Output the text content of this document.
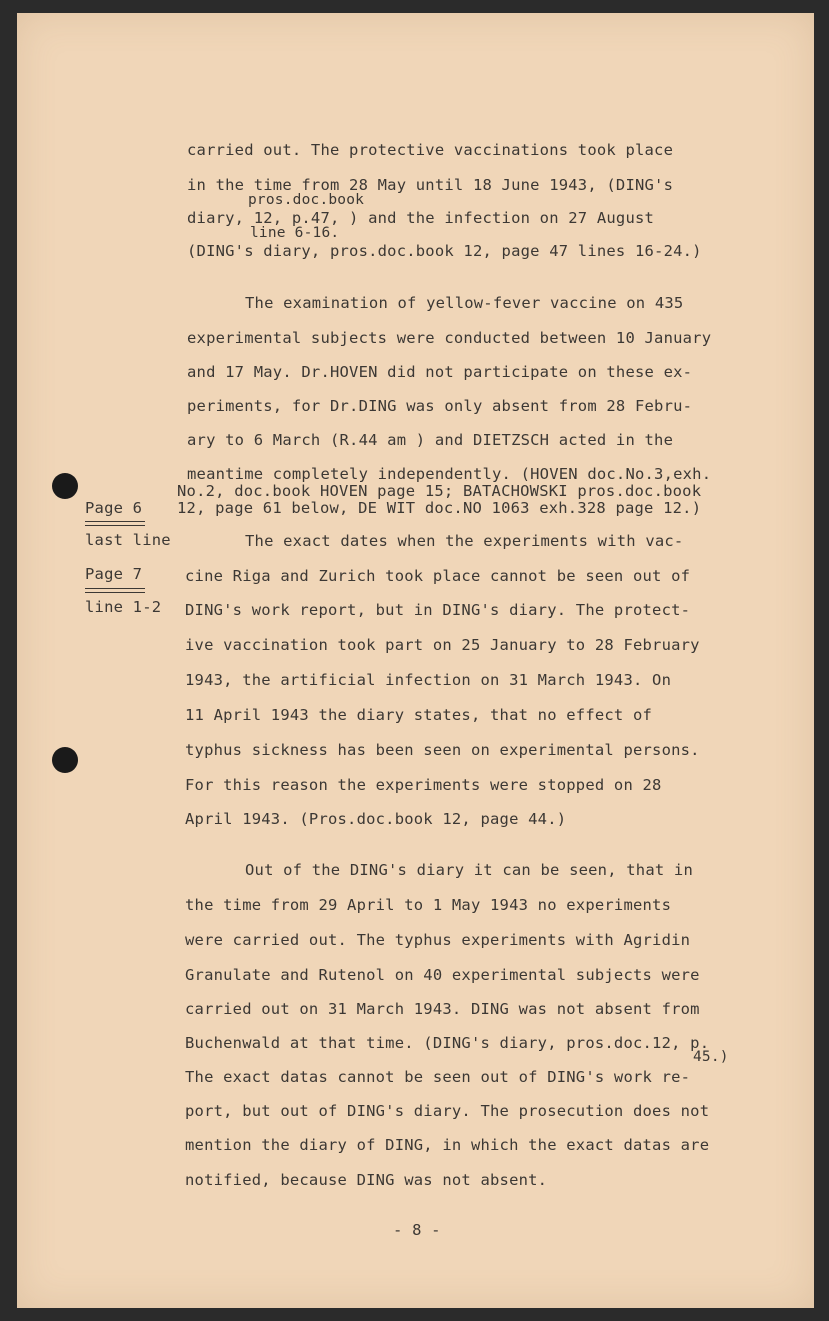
Page 6
last line
Page 7
line 1-2
carried out. The protective vaccinations took place
in the time from 28 May until 18 June 1943, (DING's
pros.doc.book
diary, 12, p.47, ) and the infection on 27 August
line 6-16.
(DING's diary, pros.doc.book 12, page 47 lines 16-24.)
The examination of yellow-fever vaccine on 435
experimental subjects were conducted between 10 January
and 17 May. Dr.HOVEN did not participate on these ex-
periments, for Dr.DING was only absent from 28 Febru-
ary to 6 March (R.44 am ) and DIETZSCH acted in the
meantime completely independently. (HOVEN doc.No.3,exh.
No.2, doc.book HOVEN page 15; BATACHOWSKI pros.doc.book
12, page 61 below, DE WIT doc.NO 1063 exh.328 page 12.)
The exact dates when the experiments with vac-
cine Riga and Zurich took place cannot be seen out of
DING's work report, but in DING's diary. The protect-
ive vaccination took part on 25 January to 28 February
1943, the artificial infection on 31 March 1943. On
11 April 1943 the diary states, that no effect of
typhus sickness has been seen on experimental persons.
For this reason the experiments were stopped on 28
April 1943. (Pros.doc.book 12, page 44.)
Out of the DING's diary it can be seen, that in
the time from 29 April to 1 May 1943 no experiments
were carried out. The typhus experiments with Agridin
Granulate and Rutenol on 40 experimental subjects were
carried out on 31 March 1943. DING was not absent from
Buchenwald at that time. (DING's diary, pros.doc.12, p.
45.)
The exact datas cannot be seen out of DING's work re-
port, but out of DING's diary. The prosecution does not
mention the diary of DING, in which the exact datas are
notified, because DING was not absent.
- 8 -
